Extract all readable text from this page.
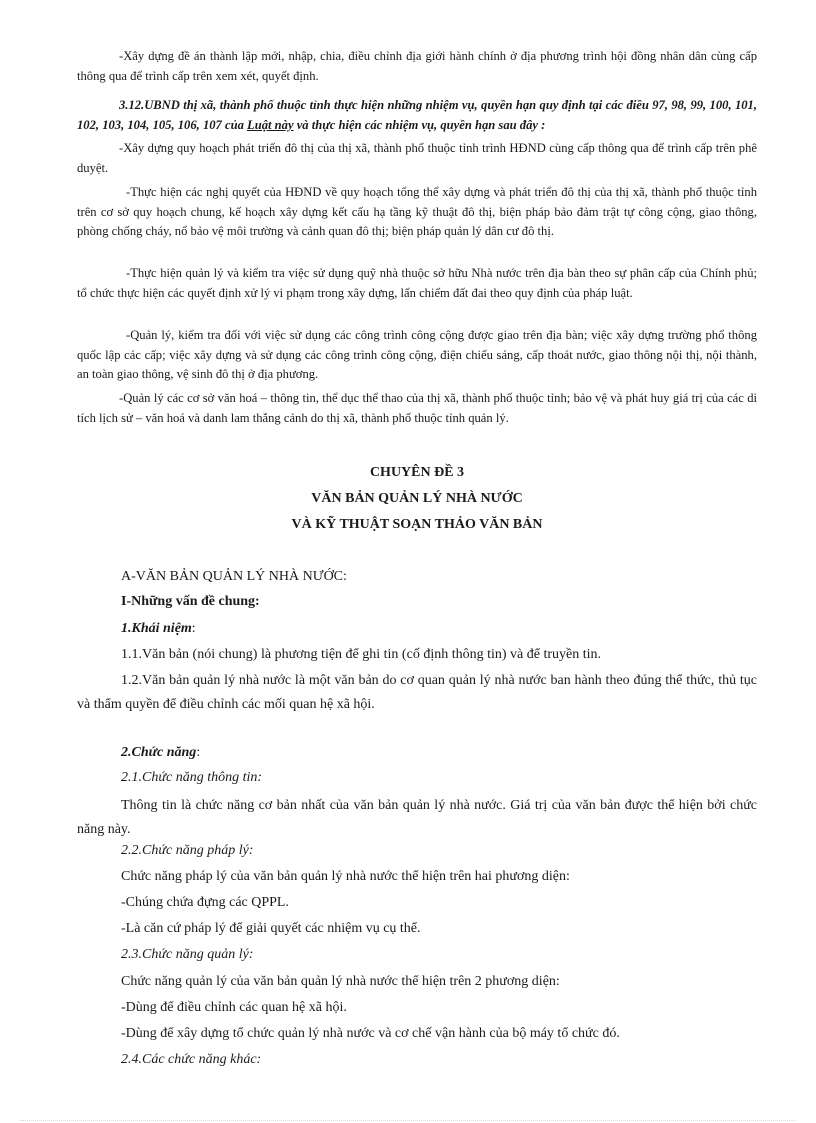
-Xây dựng đề án thành lập mới, nhập, chia, điều chỉnh địa giới hành chính ở địa phương trình hội đồng nhân dân cùng cấp thông qua để trình cấp trên xem xét, quyết định.

3.12.UBND thị xã, thành phố thuộc tỉnh thực hiện những nhiệm vụ, quyền hạn quy định tại các điều 97, 98, 99, 100, 101, 102, 103, 104, 105, 106, 107 của Luật này và thực hiện các nhiệm vụ, quyền hạn sau đây :

-Xây dựng quy hoạch phát triển đô thị của thị xã, thành phố thuộc tỉnh trình HĐND cùng cấp thông qua để trình cấp trên phê duyệt.

-Thực hiện các nghị quyết của HĐND về quy hoạch tổng thể xây dựng và phát triển đô thị của thị xã, thành phố thuộc tỉnh trên cơ sở quy hoạch chung, kế hoạch xây dựng kết cấu hạ tầng kỹ thuật đô thị, biện pháp bảo đảm trật tự công cộng, giao thông, phòng chống cháy, nổ bảo vệ môi trường và cảnh quan đô thị; biện pháp quản lý dân cư đô thị.

-Thực hiện quản lý và kiểm tra việc sử dụng quỹ nhà thuộc sở hữu Nhà nước trên địa bàn theo sự phân cấp của Chính phủ; tổ chức thực hiện các quyết định xử lý vi phạm trong xây dựng, lấn chiếm đất đai theo quy định của pháp luật.

-Quản lý, kiểm tra đối với việc sử dụng các công trình công cộng được giao trên địa bàn; việc xây dựng trường phổ thông quốc lập các cấp; việc xây dựng và sử dụng các công trình công cộng, điện chiếu sáng, cấp thoát nước, giao thông nội thị, nội thành, an toàn giao thông, vệ sinh đô thị ở địa phương.

-Quản lý các cơ sở văn hoá – thông tin, thể dục thể thao của thị xã, thành phố thuộc tỉnh; bảo vệ và phát huy giá trị của các di tích lịch sử – văn hoá và danh lam thắng cảnh do thị xã, thành phố thuộc tỉnh quản lý.

CHUYÊN ĐỀ 3

VĂN BẢN QUẢN LÝ NHÀ NƯỚC

VÀ KỸ THUẬT SOẠN THẢO VĂN BẢN

A-VĂN BẢN QUẢN LÝ NHÀ NƯỚC:

I-Những vấn đề chung:

1.Khái niệm:

1.1.Văn bản (nói chung) là phương tiện để ghi tin (cố định thông tin) và để truyền tin.

1.2.Văn bản quản lý nhà nước là một văn bản do cơ quan quản lý nhà nước ban hành theo đúng thể thức, thủ tục và thẩm quyền để điều chỉnh các mối quan hệ xã hội.

2.Chức năng:

2.1.Chức năng thông tin:

Thông tin là chức năng cơ bản nhất của văn bản quản lý nhà nước. Giá trị của văn bản được thể hiện bởi chức năng này.

2.2.Chức năng pháp lý:

Chức năng pháp lý của văn bản quản lý nhà nước thể hiện trên hai phương diện:

-Chúng chứa đựng các QPPL.

-Là căn cứ pháp lý để giải quyết các nhiệm vụ cụ thể.

2.3.Chức năng quản lý:

Chức năng quản lý của văn bản quản lý nhà nước thể hiện trên 2 phương diện:

-Dùng để điều chỉnh các quan hệ xã hội.

-Dùng để xây dựng tổ chức quản lý nhà nước và cơ chế vận hành của bộ máy tổ chức đó.

2.4.Các chức năng khác:
